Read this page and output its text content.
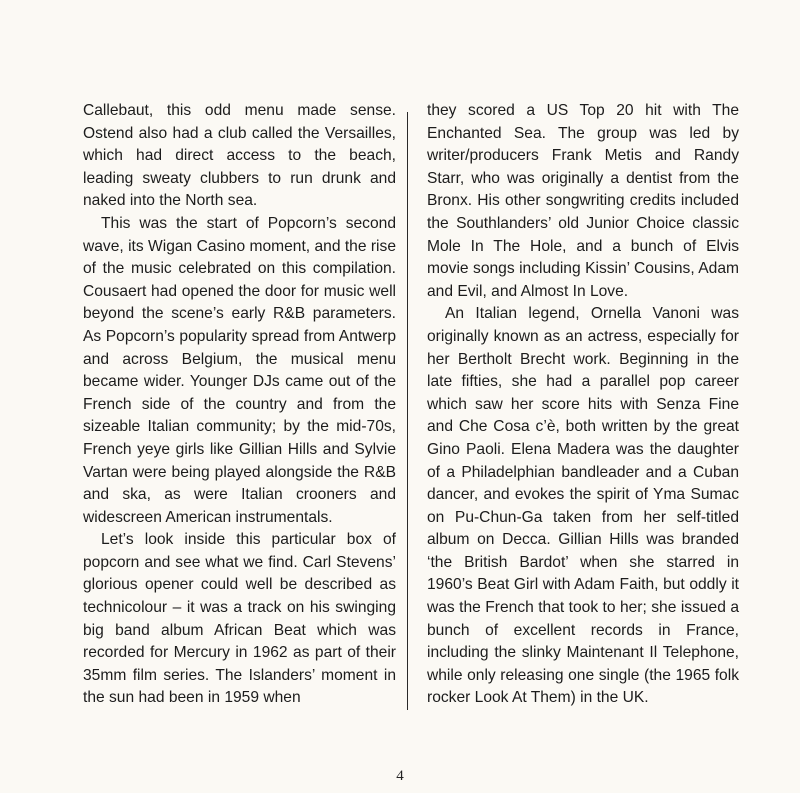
Callebaut, this odd menu made sense. Ostend also had a club called the Versailles, which had direct access to the beach, leading sweaty clubbers to run drunk and naked into the North sea.

This was the start of Popcorn’s second wave, its Wigan Casino moment, and the rise of the music celebrated on this compilation. Cousaert had opened the door for music well beyond the scene’s early R&B parameters. As Popcorn’s popularity spread from Antwerp and across Belgium, the musical menu became wider. Younger DJs came out of the French side of the country and from the sizeable Italian community; by the mid-70s, French yeye girls like Gillian Hills and Sylvie Vartan were being played alongside the R&B and ska, as were Italian crooners and widescreen American instrumentals.

Let’s look inside this particular box of popcorn and see what we find. Carl Stevens’ glorious opener could well be described as technicolour – it was a track on his swinging big band album African Beat which was recorded for Mercury in 1962 as part of their 35mm film series. The Islanders’ moment in the sun had been in 1959 when

they scored a US Top 20 hit with The Enchanted Sea. The group was led by writer/producers Frank Metis and Randy Starr, who was originally a dentist from the Bronx. His other songwriting credits included the Southlanders’ old Junior Choice classic Mole In The Hole, and a bunch of Elvis movie songs including Kissin’ Cousins, Adam and Evil, and Almost In Love.

An Italian legend, Ornella Vanoni was originally known as an actress, especially for her Bertholt Brecht work. Beginning in the late fifties, she had a parallel pop career which saw her score hits with Senza Fine and Che Cosa c’è, both written by the great Gino Paoli. Elena Madera was the daughter of a Philadelphian bandleader and a Cuban dancer, and evokes the spirit of Yma Sumac on Pu-Chun-Ga taken from her self-titled album on Decca. Gillian Hills was branded ‘the British Bardot’ when she starred in 1960’s Beat Girl with Adam Faith, but oddly it was the French that took to her; she issued a bunch of excellent records in France, including the slinky Maintenant Il Telephone, while only releasing one single (the 1965 folk rocker Look At Them) in the UK.

4
